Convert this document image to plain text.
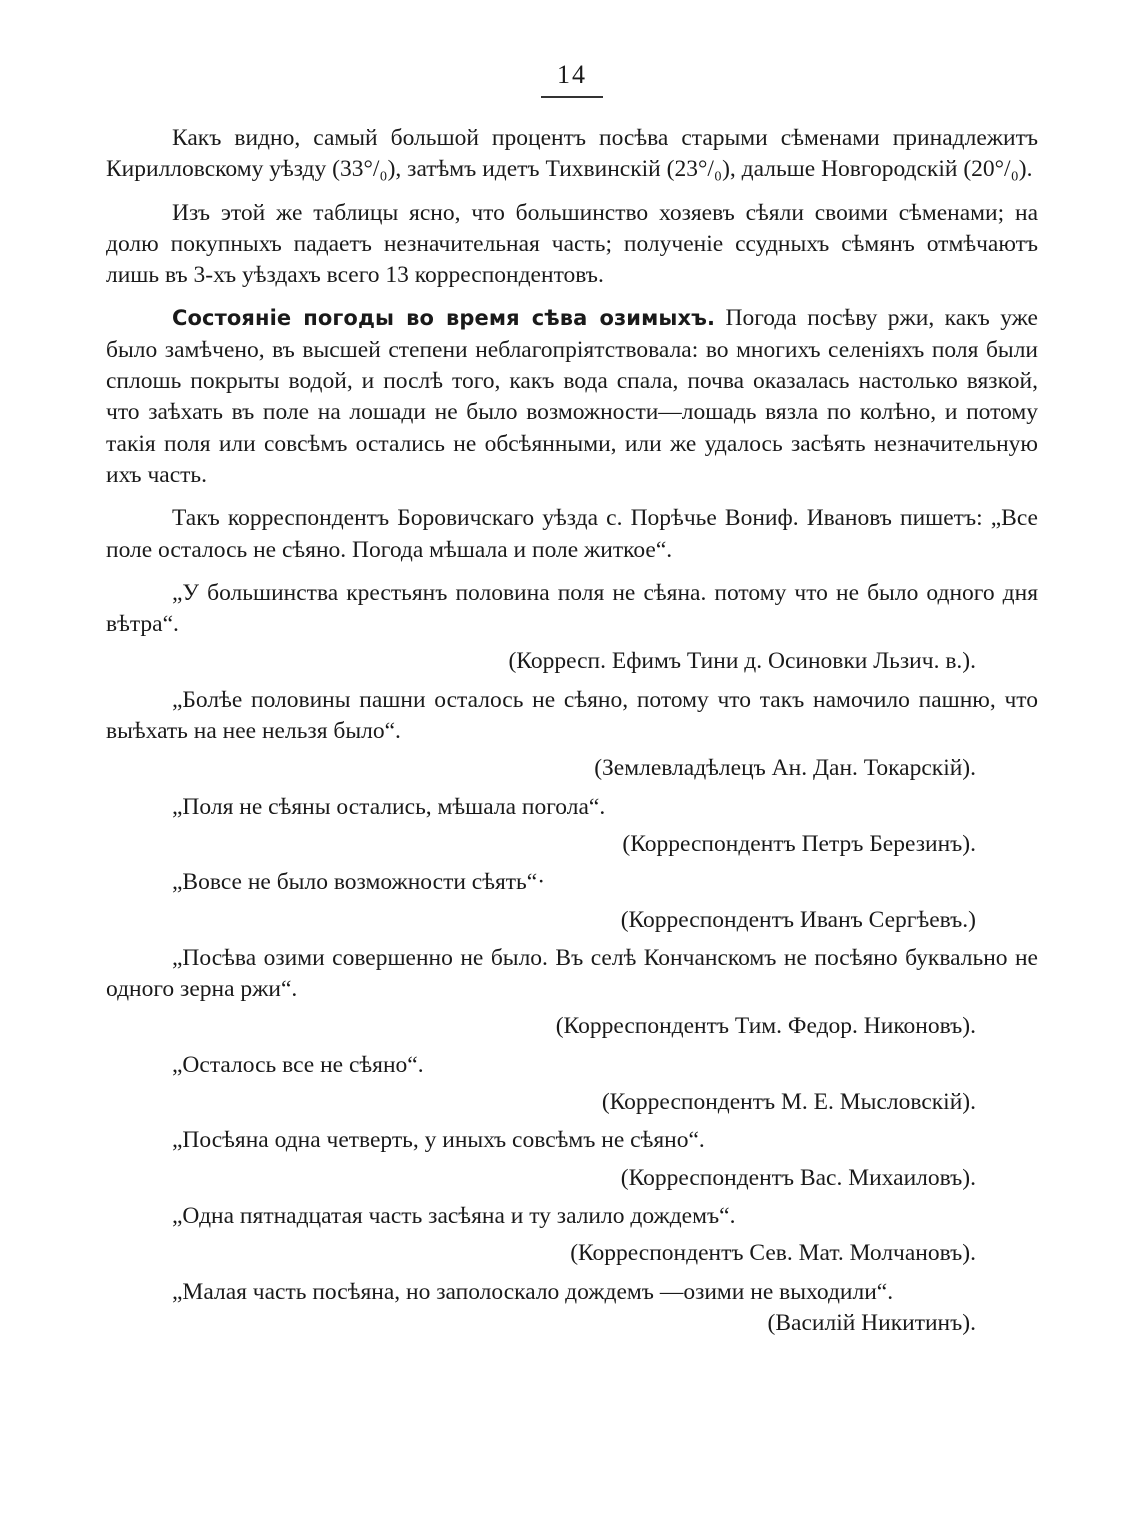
14

Какъ видно, самый большой процентъ посѣва старыми сѣменами принадлежитъ Кирилловскому уѣзду (33°/₀), затѣмъ идетъ Тихвинскій (23°/₀), дальше Новгородскій (20°/₀).

Изъ этой же таблицы ясно, что большинство хозяевъ сѣяли своими сѣменами; на долю покупныхъ падаетъ незначительная часть; полученіе ссудныхъ сѣмянъ отмѣчаютъ лишь въ 3-хъ уѣздахъ всего 13 корреспондентовъ.

Состояніе погоды во время сѣва озимыхъ. Погода посѣву ржи, какъ уже было замѣчено, въ высшей степени неблагопріятствовала: во многихъ селеніяхъ поля были сплошь покрыты водой, и послѣ того, какъ вода спала, почва оказалась настолько вязкой, что заѣхать въ поле на лошади не было возможности—лошадь вязла по колѣно, и потому такія поля или совсѣмъ остались не обсѣянными, или же удалось засѣять незначительную ихъ часть.

Такъ корреспондентъ Боровичскаго уѣзда с. Порѣчье Вониф. Ивановъ пишетъ: „Все поле осталось не сѣяно. Погода мѣшала и поле житкое“.

„У большинства крестьянъ половина поля не сѣяна. потому что не было одного дня вѣтра“.

(Корресп. Ефимъ Тини д. Осиновки Льзич. в.).

„Болѣе половины пашни осталось не сѣяно, потому что такъ намочило пашню, что выѣхать на нее нельзя было“.

(Землевладѣлецъ Ан. Дан. Токарскій).

„Поля не сѣяны остались, мѣшала погола“.

(Корреспондентъ Петръ Березинъ).

„Вовсе не было возможности сѣять“·

(Корреспондентъ Иванъ Сергѣевъ.)

„Посѣва озими совершенно не было. Въ селѣ Кончанскомъ не посѣяно буквально не одного зерна ржи“.

(Корреспондентъ Тим. Федор. Никоновъ).

„Осталось все не сѣяно“.

(Корреспондентъ М. Е. Мысловскій).

„Посѣяна одна четверть, у иныхъ совсѣмъ не сѣяно“.

(Корреспондентъ Вас. Михаиловъ).

„Одна пятнадцатая часть засѣяна и ту залило дождемъ“.

(Корреспондентъ Сев. Мат. Молчановъ).

„Малая часть посѣяна, но заполоскало дождемъ —озими не выходили“.

(Василій Никитинъ).
